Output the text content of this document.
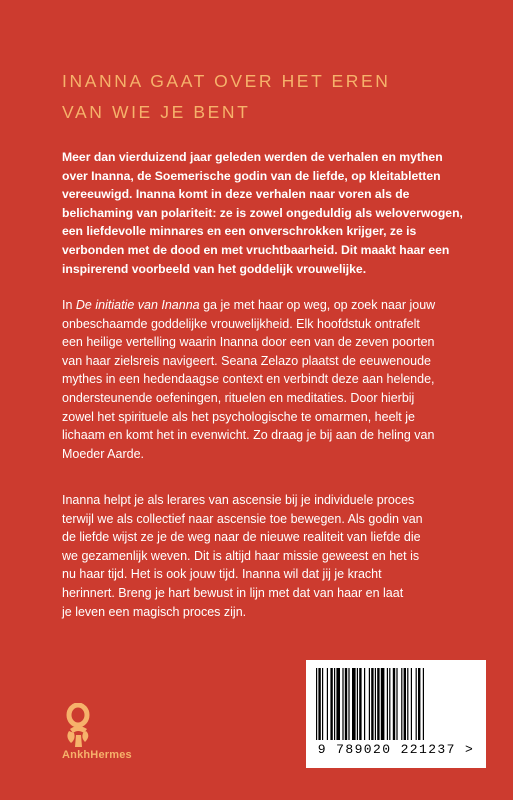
INANNA GAAT OVER HET EREN
VAN WIE JE BENT
Meer dan vierduizend jaar geleden werden de verhalen en mythen
over Inanna, de Soemerische godin van de liefde, op kleitabletten
vereeuwigd. Inanna komt in deze verhalen naar voren als de
belichaming van polariteit: ze is zowel ongeduldig als weloverwogen,
een liefdevolle minnares en een onverschrokken krijger, ze is
verbonden met de dood en met vruchtbaarheid. Dit maakt haar een
inspirerend voorbeeld van het goddelijk vrouwelijke.
In De initiatie van Inanna ga je met haar op weg, op zoek naar jouw
onbeschaamde goddelijke vrouwelijkheid. Elk hoofdstuk ontrafelt
een heilige vertelling waarin Inanna door een van de zeven poorten
van haar zielsreis navigeert. Seana Zelazo plaatst de eeuwenoude
mythes in een hedendaagse context en verbindt deze aan helende,
ondersteunende oefeningen, rituelen en meditaties. Door hierbij
zowel het spirituele als het psychologische te omarmen, heelt je
lichaam en komt het in evenwicht. Zo draag je bij aan de heling van
Moeder Aarde.
Inanna helpt je als lerares van ascensie bij je individuele proces
terwijl we als collectief naar ascensie toe bewegen. Als godin van
de liefde wijst ze je de weg naar de nieuwe realiteit van liefde die
we gezamenlijk weven. Dit is altijd haar missie geweest en het is
nu haar tijd. Het is ook jouw tijd. Inanna wil dat jij je kracht
herinnert. Breng je hart bewust in lijn met dat van haar en laat
je leven een magisch proces zijn.
AnkhHermes	9 789020 221237 >
